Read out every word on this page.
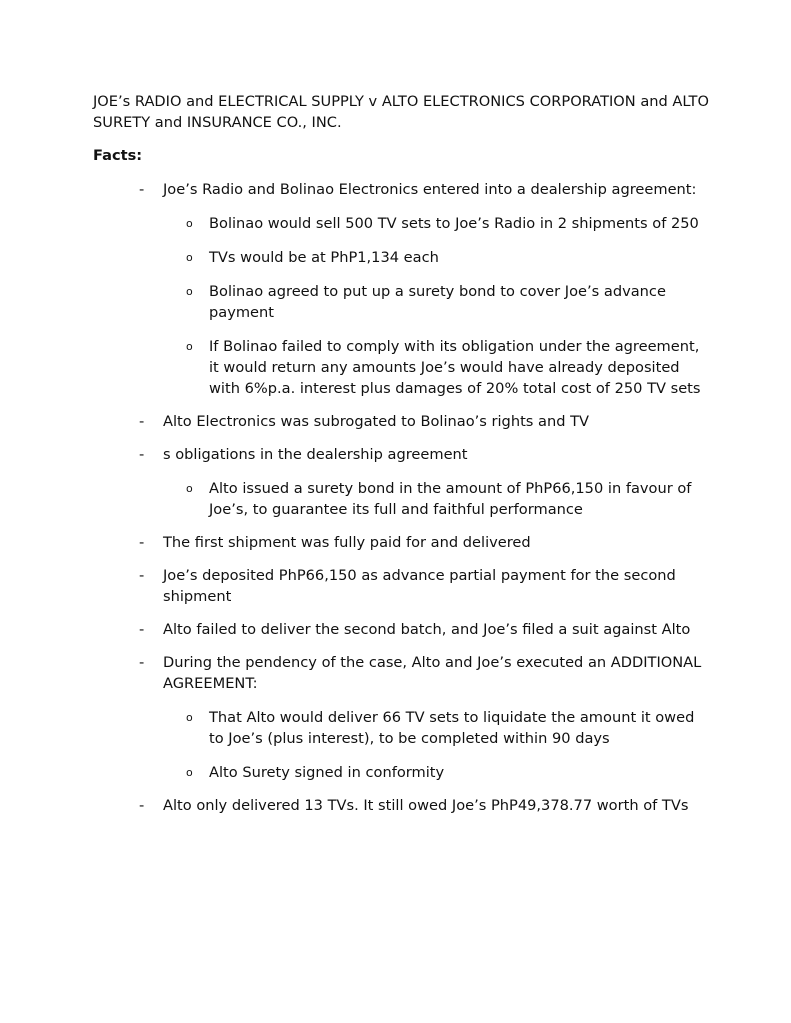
JOE’s RADIO and ELECTRICAL SUPPLY v ALTO ELECTRONICS CORPORATION and ALTO SURETY and INSURANCE CO., INC.

Facts:

- Joe’s Radio and Bolinao Electronics entered into a dealership agreement:
o Bolinao would sell 500 TV sets to Joe’s Radio in 2 shipments of 250
o TVs would be at PhP1,134 each
o Bolinao agreed to put up a surety bond to cover Joe’s advance payment
o If Bolinao failed to comply with its obligation under the agreement, it would return any amounts Joe’s would have already deposited with 6%p.a. interest plus damages of 20% total cost of 250 TV sets
- Alto Electronics was subrogated to Bolinao’s rights and TV
- s obligations in the dealership agreement
o Alto issued a surety bond in the amount of PhP66,150 in favour of Joe’s, to guarantee its full and faithful performance
- The first shipment was fully paid for and delivered
- Joe’s deposited PhP66,150 as advance partial payment for the second shipment
- Alto failed to deliver the second batch, and Joe’s filed a suit against Alto
- During the pendency of the case, Alto and Joe’s executed an ADDITIONAL AGREEMENT:
o That Alto would deliver 66 TV sets to liquidate the amount it owed to Joe’s (plus interest), to be completed within 90 days
o Alto Surety signed in conformity
- Alto only delivered 13 TVs. It still owed Joe’s PhP49,378.77 worth of TVs
